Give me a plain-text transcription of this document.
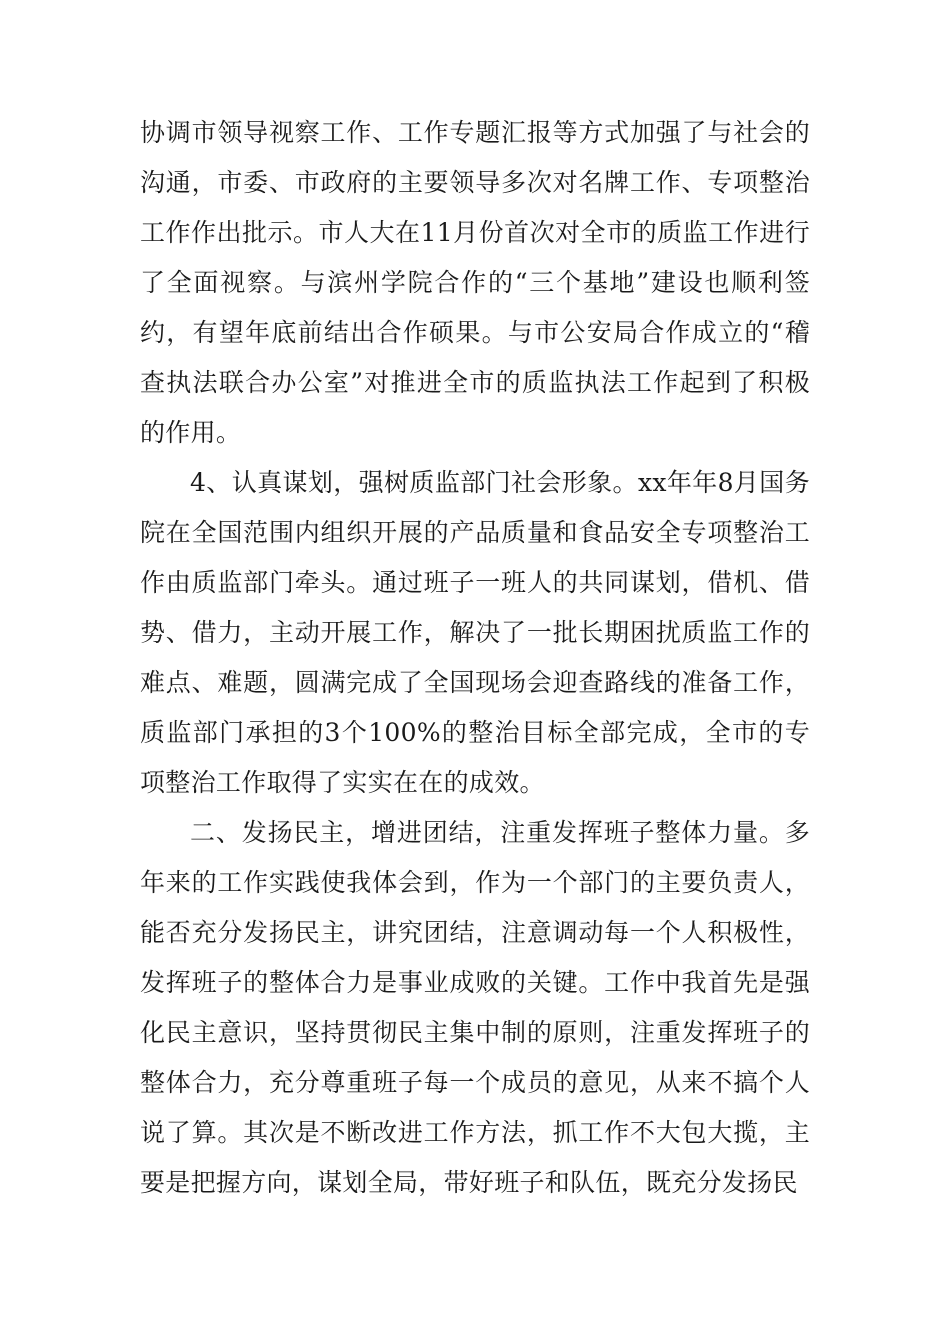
协调市领导视察工作、工作专题汇报等方式加强了与社会的沟通，市委、市政府的主要领导多次对名牌工作、专项整治工作作出批示。市人大在11月份首次对全市的质监工作进行了全面视察。与滨州学院合作的“三个基地”建设也顺利签约，有望年底前结出合作硕果。与市公安局合作成立的“稽查执法联合办公室”对推进全市的质监执法工作起到了积极的作用。

4、认真谋划，强树质监部门社会形象。xx年年8月国务院在全国范围内组织开展的产品质量和食品安全专项整治工作由质监部门牵头。通过班子一班人的共同谋划，借机、借势、借力，主动开展工作，解决了一批长期困扰质监工作的难点、难题，圆满完成了全国现场会迎查路线的准备工作，质监部门承担的3个100%的整治目标全部完成，全市的专项整治工作取得了实实在在的成效。

二、发扬民主，增进团结，注重发挥班子整体力量。多年来的工作实践使我体会到，作为一个部门的主要负责人，能否充分发扬民主，讲究团结，注意调动每一个人积极性，发挥班子的整体合力是事业成败的关键。工作中我首先是强化民主意识，坚持贯彻民主集中制的原则，注重发挥班子的整体合力，充分尊重班子每一个成员的意见，从来不搞个人说了算。其次是不断改进工作方法，抓工作不大包大揽，主要是把握方向，谋划全局，带好班子和队伍，既充分发扬民
